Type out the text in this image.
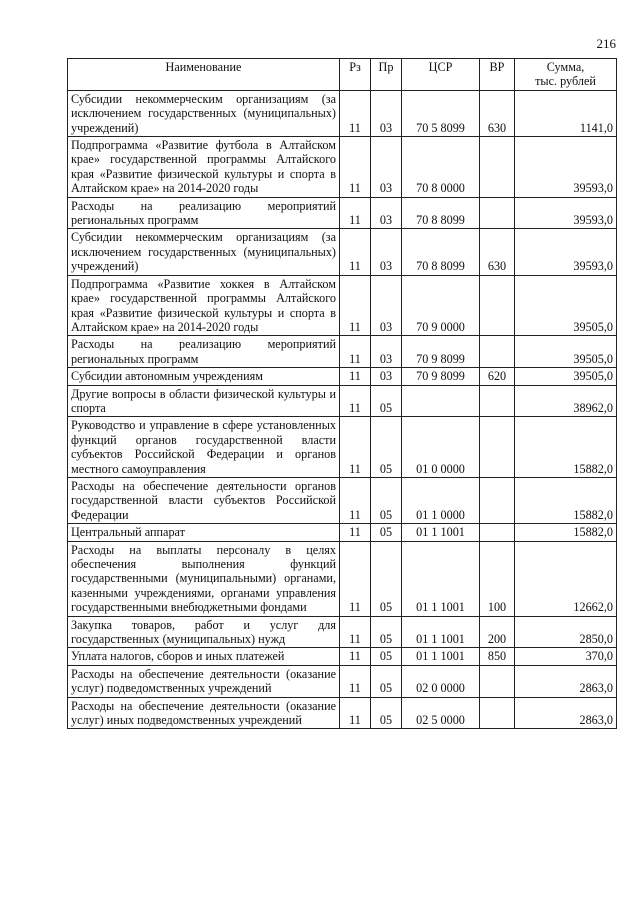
216
Наименование	Рз	Пр	ЦСР	ВР	Сумма,
тыс. рублей

Субсидии некоммерческим организациям (за исключением государственных (муниципальных) учреждений)	11	03	70 5 8099	630	1141,0
Подпрограмма «Развитие футбола в Алтайском крае» государственной программы Алтайского края «Развитие физической культуры и спорта в Алтайском крае» на 2014-2020 годы	11	03	70 8 0000		39593,0
Расходы на реализацию мероприятий региональных программ	11	03	70 8 8099		39593,0
Субсидии некоммерческим организациям (за исключением государственных (муниципальных) учреждений)	11	03	70 8 8099	630	39593,0
Подпрограмма «Развитие хоккея в Алтайском крае» государственной программы Алтайского края «Развитие физической культуры и спорта в Алтайском крае» на 2014-2020 годы	11	03	70 9 0000		39505,0
Расходы на реализацию мероприятий региональных программ	11	03	70 9 8099		39505,0
Субсидии автономным учреждениям	11	03	70 9 8099	620	39505,0
Другие вопросы в области физической культуры и спорта	11	05			38962,0
Руководство и управление в сфере установленных функций органов государственной власти субъектов Российской Федерации и органов местного самоуправления	11	05	01 0 0000		15882,0
Расходы на обеспечение деятельности органов государственной власти субъектов Российской Федерации	11	05	01 1 0000		15882,0
Центральный аппарат	11	05	01 1 1001		15882,0
Расходы на выплаты персоналу в целях обеспечения выполнения функций государственными (муниципальными) органами, казенными учреждениями, органами управления государственными внебюджетными фондами	11	05	01 1 1001	100	12662,0
Закупка товаров, работ и услуг для государственных (муниципальных) нужд	11	05	01 1 1001	200	2850,0
Уплата налогов, сборов и иных платежей	11	05	01 1 1001	850	370,0
Расходы на обеспечение деятельности (оказание услуг) подведомственных учреждений	11	05	02 0 0000		2863,0
Расходы на обеспечение деятельности (оказание услуг) иных подведомственных учреждений	11	05	02 5 0000		2863,0
